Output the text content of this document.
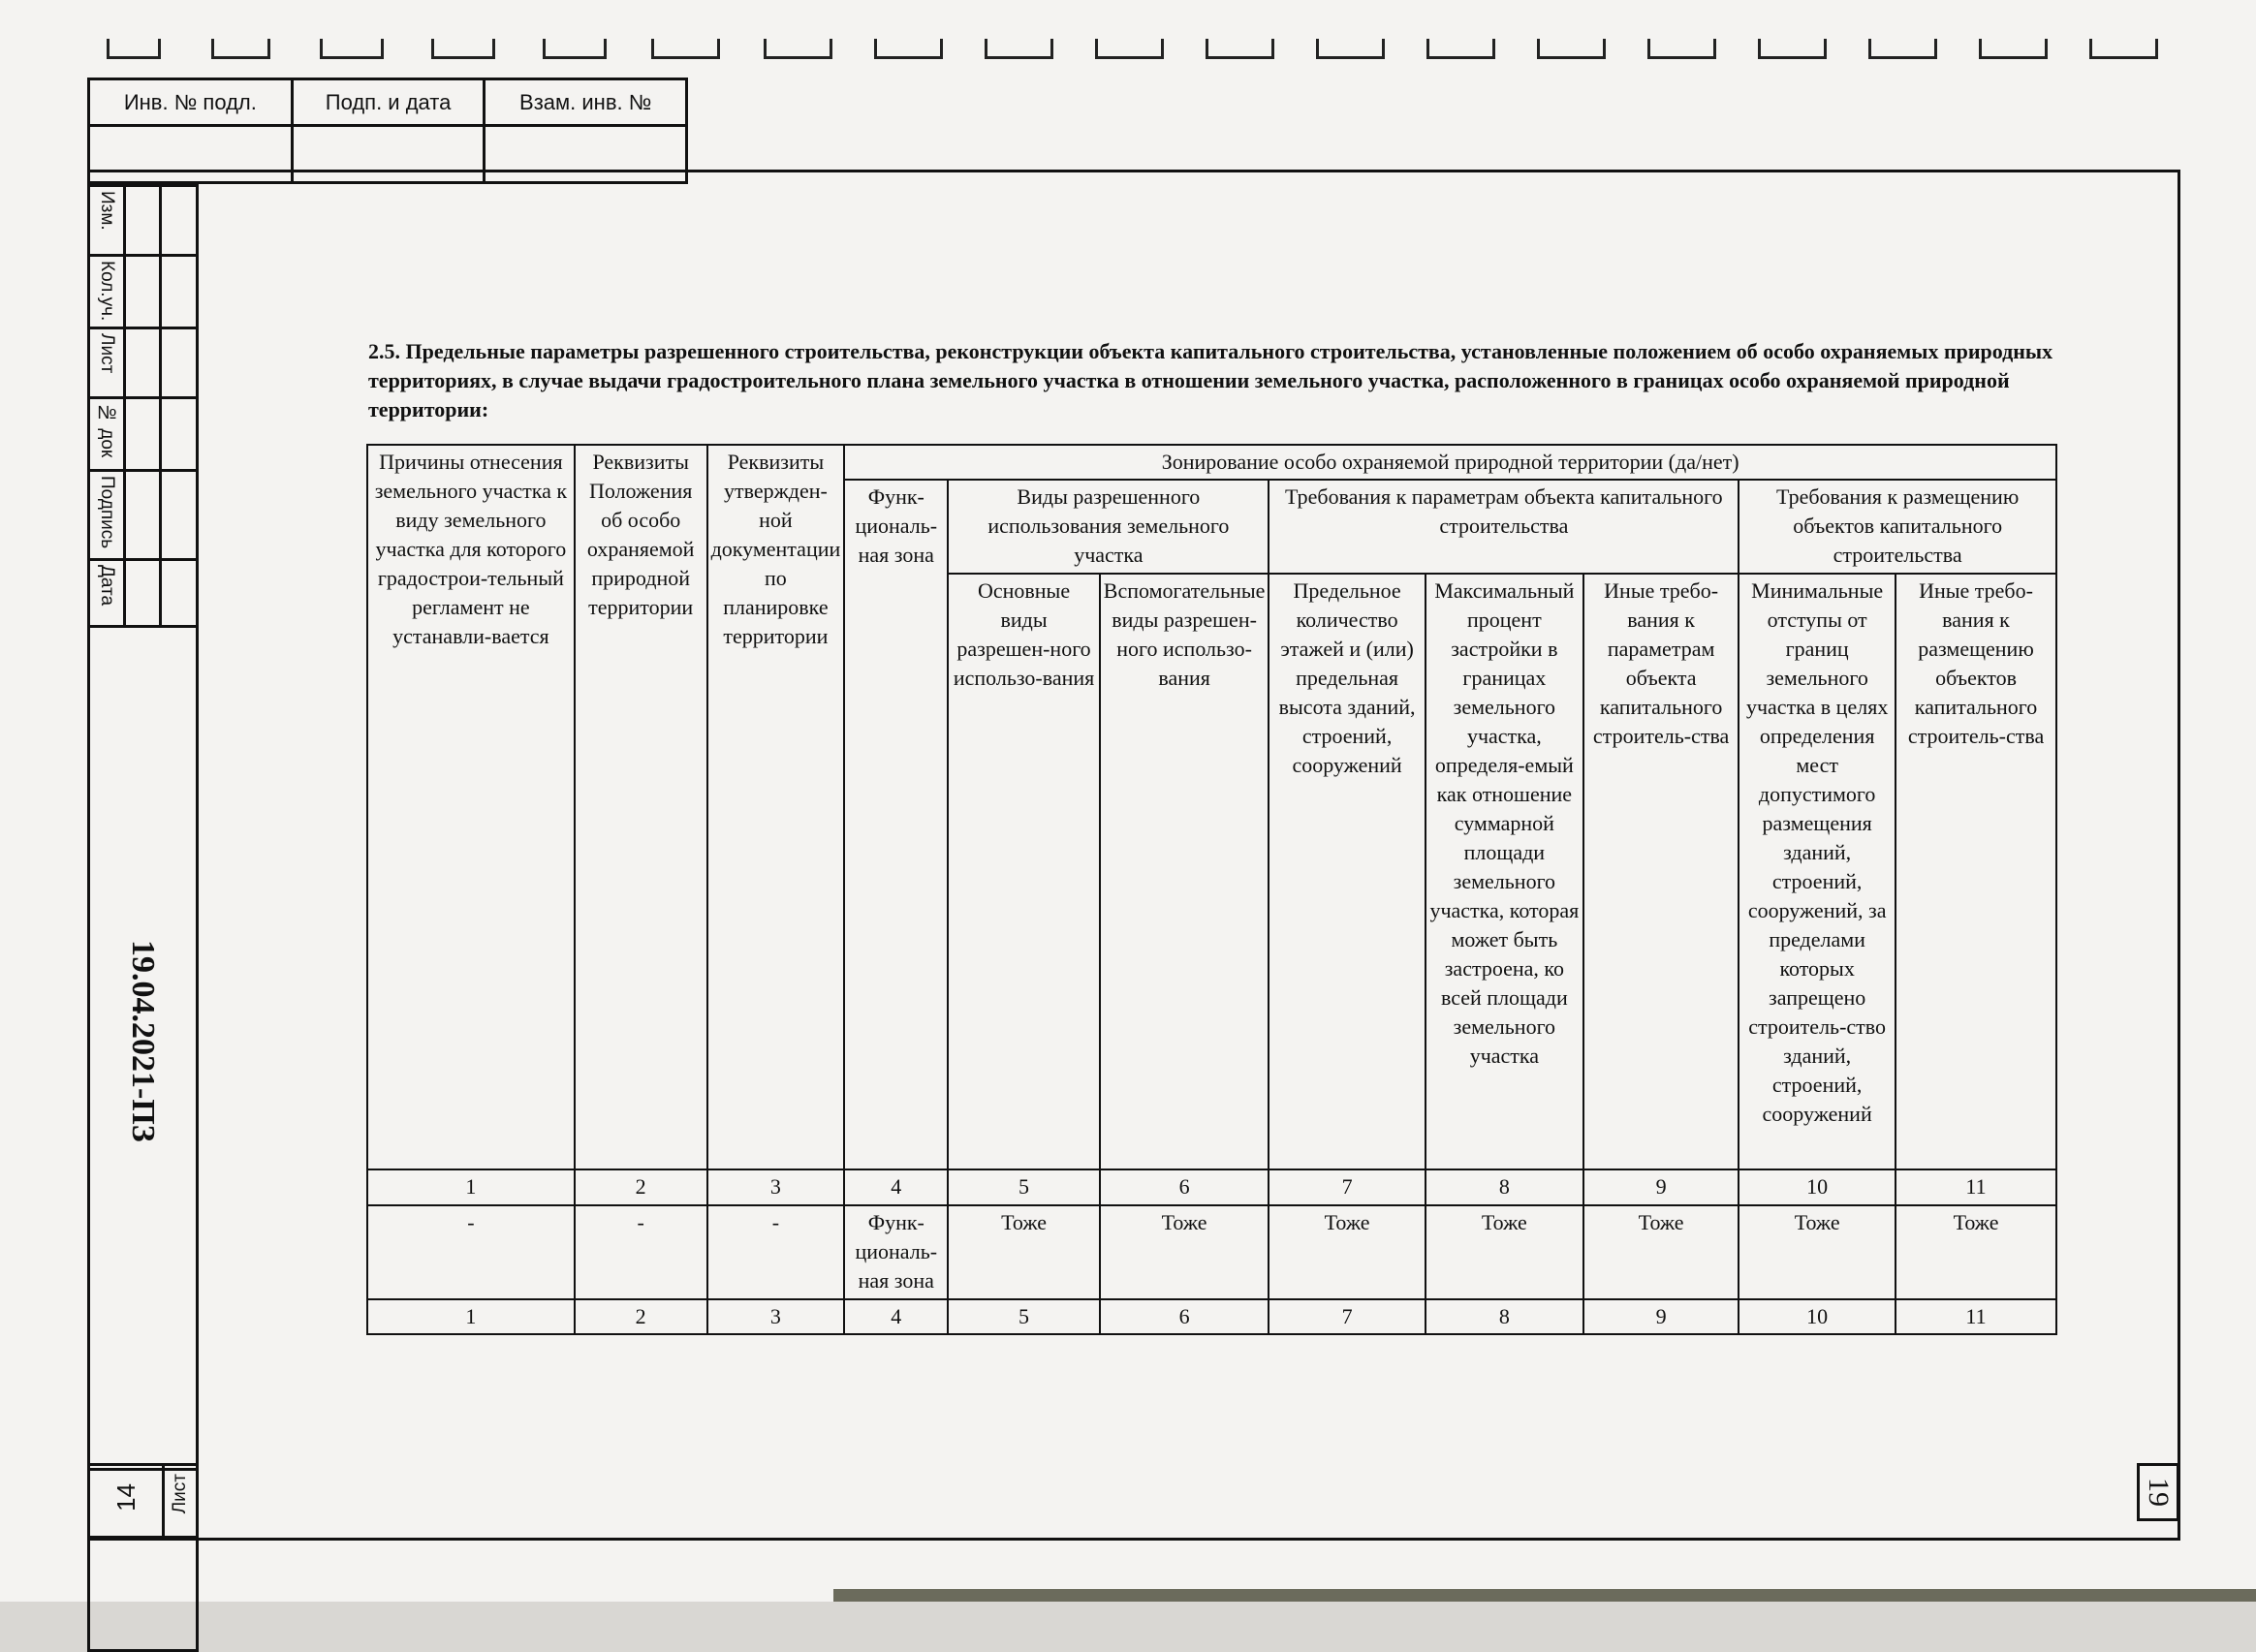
Инв. № подл.	Подп. и дата	Взам. инв. №

Изм.
Кол.уч.
Лист
№ док
Подпись
Дата
14 Лист
19.04.2021-ПЗ
19
2.5. Предельные параметры разрешенного строительства, реконструкции объекта капитального строительства, установленные положением об особо охраняемых природных территориях, в случае выдачи градостроительного плана земельного участка в отношении земельного участка, расположенного в границах особо охраняемой природной территории:
Причины отнесения земельного участка к виду земельного участка для которого градострои-тельный регламент не устанавли-вается	Реквизиты Положения об особо охраняемой природной территории	Реквизиты утвержден-ной документации по планировке территории	Зонирование особо охраняемой природной территории (да/нет)							
			Функ-циональ-ная зона	Виды разрешенного использования земельного участка		Требования к параметрам объекта капитального строительства			Требования к размещению объектов капитального строительства	
				Основные виды разрешен-ного использо-вания	Вспомогательные виды разрешен-ного использо-вания	Предельное количество этажей и (или) предельная высота зданий, строений, сооружений	Максимальный процент застройки в границах земельного участка, определя-емый как отношение суммарной площади земельного участка, которая может быть застроена, ко всей площади земельного участка	Иные требо-вания к параметрам объекта капитального строитель-ства	Минимальные отступы от границ земельного участка в целях определения мест допустимого размещения зданий, строений, сооружений, за пределами которых запрещено строитель-ство зданий, строений, сооружений	Иные требо-вания к размещению объектов капитального строитель-ства
1	2	3	4	5	6	7	8	9	10	11
-	-	-	Функ-циональ-ная зона	Тоже	Тоже	Тоже	Тоже	Тоже	Тоже	Тоже
1	2	3	4	5	6	7	8	9	10	11
